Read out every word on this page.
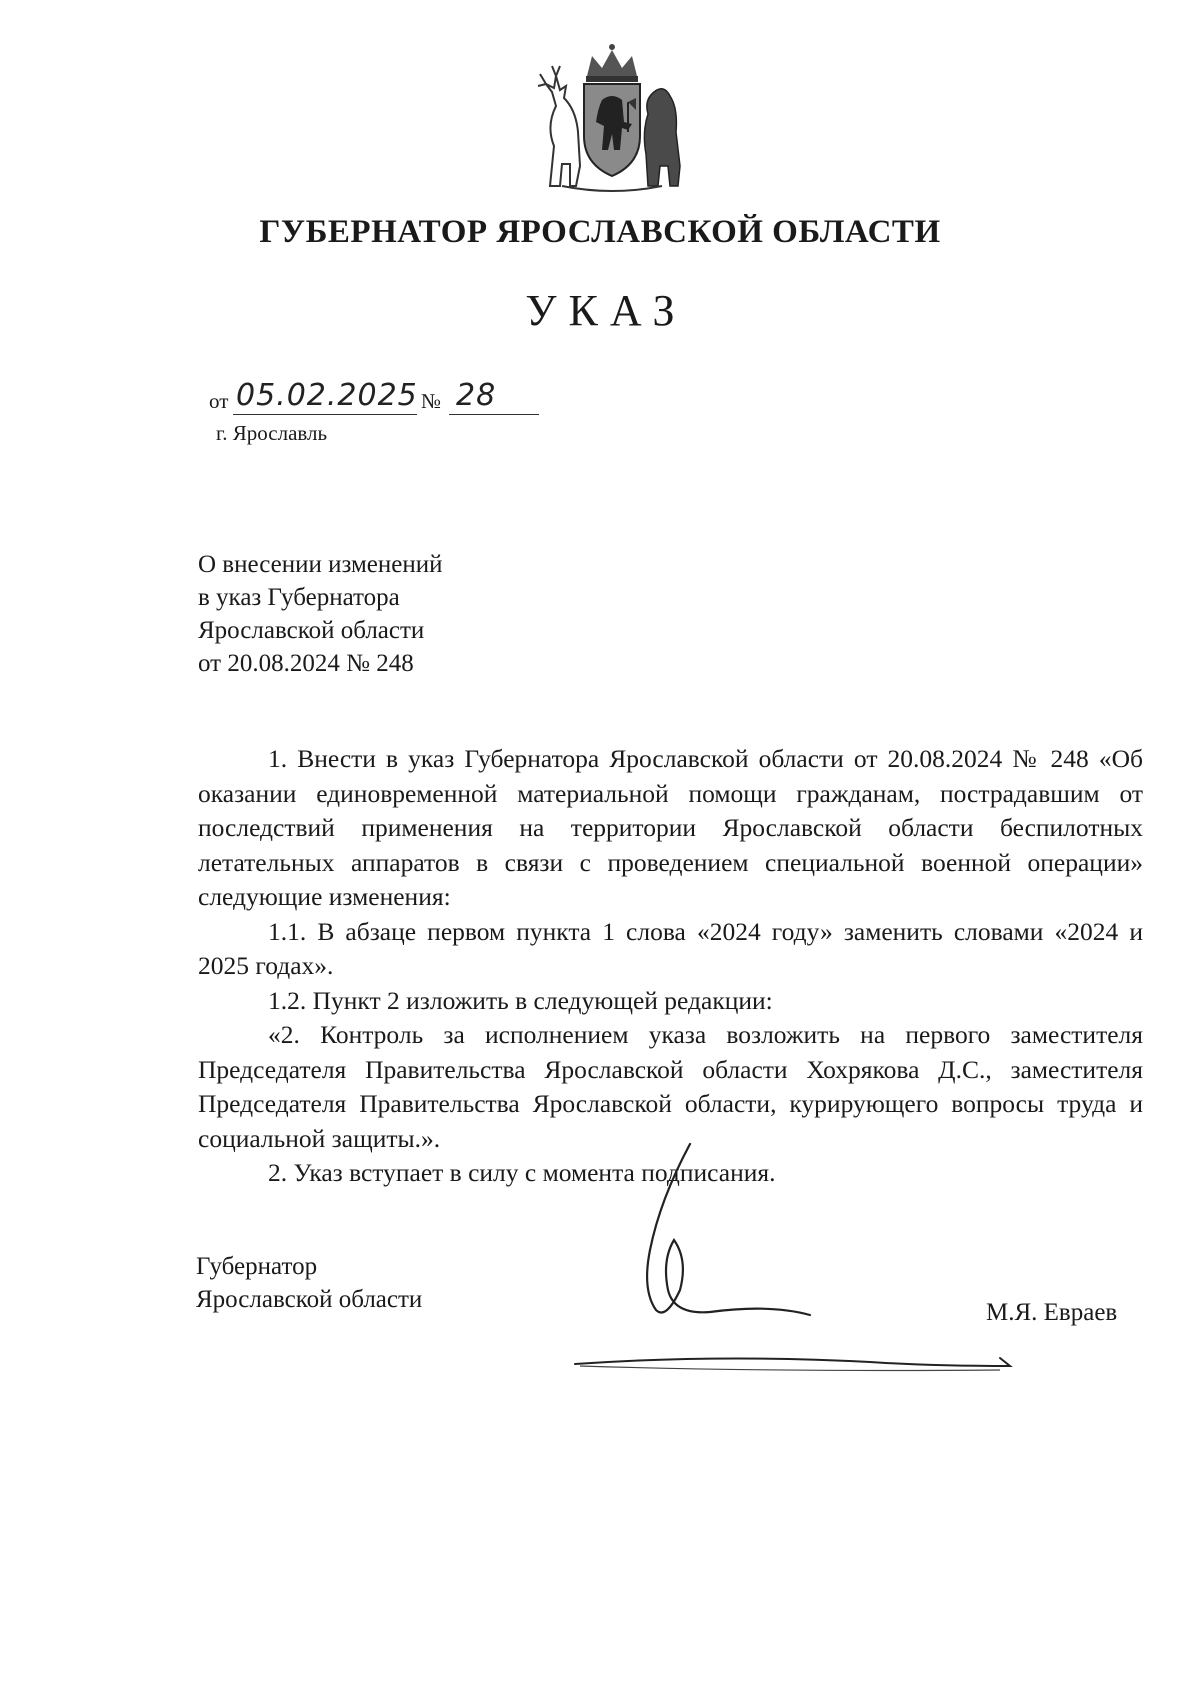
ГУБЕРНАТОР ЯРОСЛАВСКОЙ ОБЛАСТИ
УКАЗ
от 05.02.2025 № 28
г. Ярославль
О внесении изменений
в указ Губернатора
Ярославской области
от 20.08.2024 № 248

1. Внести в указ Губернатора Ярославской области от 20.08.2024 № 248 «Об оказании единовременной материальной помощи гражданам, пострадавшим от последствий применения на территории Ярославской области беспилотных летательных аппаратов в связи с проведением специальной военной операции» следующие изменения:

1.1. В абзаце первом пункта 1 слова «2024 году» заменить словами «2024 и 2025 годах».

1.2. Пункт 2 изложить в следующей редакции:

«2. Контроль за исполнением указа возложить на первого заместителя Председателя Правительства Ярославской области Хохрякова Д.С., заместителя Председателя Правительства Ярославской области, курирующего вопросы труда и социальной защиты.».

2. Указ вступает в силу с момента подписания.

Губернатор
Ярославской области	М.Я. Евраев
